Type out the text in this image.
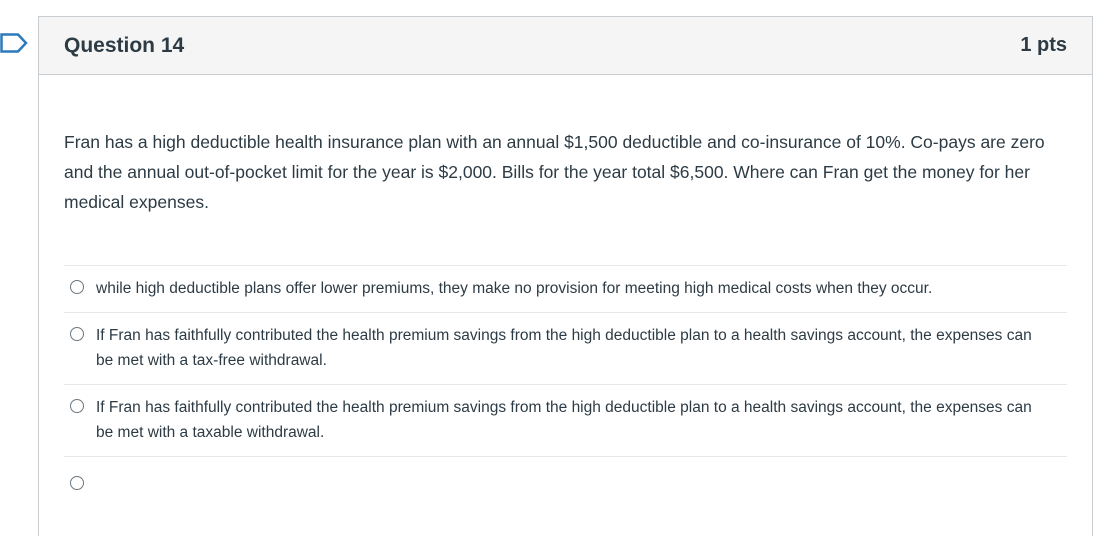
Question 14	1 pts

Fran has a high deductible health insurance plan with an annual $1,500 deductible and co-insurance of 10%. Co-pays are zero and the annual out-of-pocket limit for the year is $2,000. Bills for the year total $6,500. Where can Fran get the money for her medical expenses.

while high deductible plans offer lower premiums, they make no provision for meeting high medical costs when they occur.
If Fran has faithfully contributed the health premium savings from the high deductible plan to a health savings account, the expenses can be met with a tax-free withdrawal.
If Fran has faithfully contributed the health premium savings from the high deductible plan to a health savings account, the expenses can be met with a taxable withdrawal.
